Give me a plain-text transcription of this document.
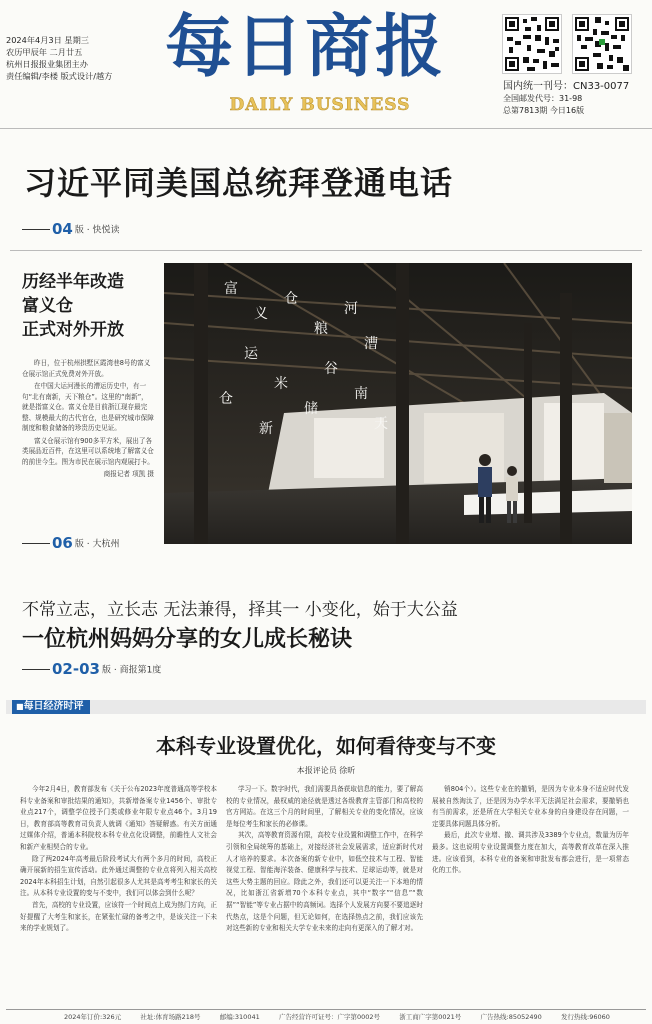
2024年4月3日 星期三
农历甲辰年 二月廿五
杭州日报报业集团主办
责任编辑/李楼 版式设计/越方 每日商报
DAILY BUSINESS
国内统一刊号：CN33-0077
全国邮发代号：31-98
总第7813期 今日16版
习近平同美国总统拜登通电话
04 版 · 快悦读
历经半年改造
富义仓
正式对外开放

昨日，位于杭州拱墅区霞湾巷8号的富义仓展示馆正式免费对外开放。

在中国大运河漫长的漕运历史中，有一句“北有南新，天下粮仓”。这里的“南新”，就是指富义仓。富义仓是目前浙江现存最完整、规模最大的古代官仓，也是研究城市保障制度和粮食储备的珍贵历史见证。

富义仓展示馆有900多平方米，展出了各类展品近百件，在这里可以系统地了解富义仓的前世今生。图为市民在展示馆内观展打卡。

商报记者 项凯 摄

06 版 · 大杭州
富
义
仓
粮
运
河
米
谷
漕
仓
储
南
新	天
不常立志，立长志 无法兼得，择其一 小变化，始于大公益
一位杭州妈妈分享的女儿成长秘诀
02-03 版 · 商报第1度
■每日经济时评
本科专业设置优化，如何看待变与不变
本报评论员 徐昕

今年2月4日，教育部发布《关于公布2023年度普通高等学校本科专业备案和审批结果的通知》，共新增备案专业1456个、审批专业点217个，调整学位授予门类或修业年限专业点46个。3月19日，教育部高等教育司负责人就调《通知》答疑解惑。有关方面通过媒体介绍，普通本科院校本科专业点化设调整，前瞻性人文社会和新产业相契合的专业。

除了两2024年高考最后阶段考试大有两个多月的时间，高校正确开展新的招生宣传活动。此外通过调整的专业点将列入相关高校2024年本科招生计划，自然引起很多人尤其是高考考生和家长的关注。从本科专业设置的变与不变中，我们可以体会到什么呢？

首先，高校的专业设置，应该符一个时间点上成为热门方向，正好提醒了大考生和家长，在紧张忙碌的备考之中，是该关注一下未来的学业规划了。

学习一下。数字时代，我们需要具备获取信息的能力，要了解高校的专业情况，最权威的途径就是透过各级教育主管部门和高校的官方网站。在这三个月的时间里，了解相关专业的变化情况，应该是每位考生和家长的必修课。

其次，高等教育资源有限，高校专业设置和调整工作中，在科学引领和全局统筹的基础上，对接经济社会发展需求，适应新时代对人才培养的要求。本次备案的新专业中，如低空技术与工程、智能视觉工程、智能海洋装备、健康科学与技术、足球运动等，就是对这些大势主题的回应。除此之外，我们还可以更关注一下本地的情况，比如浙江省新增70个本科专业点，其中“数字”“信息”“数据”“智能”等专业占据中的高频词。选择个人发展方向要不要追逐时代热点，这是个问题，但无论如何，在选择热点之前，我们应该先对这些新的专业和相关大学专业未来的走向有更深入的了解才对。

销804个）。这些专业在的撤销，是因为专业本身不适应时代发展被自然淘汰了，还是因为办学水平无法满足社会需求，要撤销也有当前需求，还是所在大学相关专业本身的自身建设存在问题，一定要具体问题具体分析。

最后，此次专业增、撤、调共涉及3389个专业点，数量为历年最多。这也说明专业设置调整力度在加大，高等教育改革在深入推进。应该看到，本科专业的备案和审批发布都会进行，是一项常态化的工作。

2024年订价:326元	社址:体育场路218号	邮编:310041	广告经营许可证号：广字第0002号	浙工商广字第0021号	广告热线:85052490	发行热线:96060
